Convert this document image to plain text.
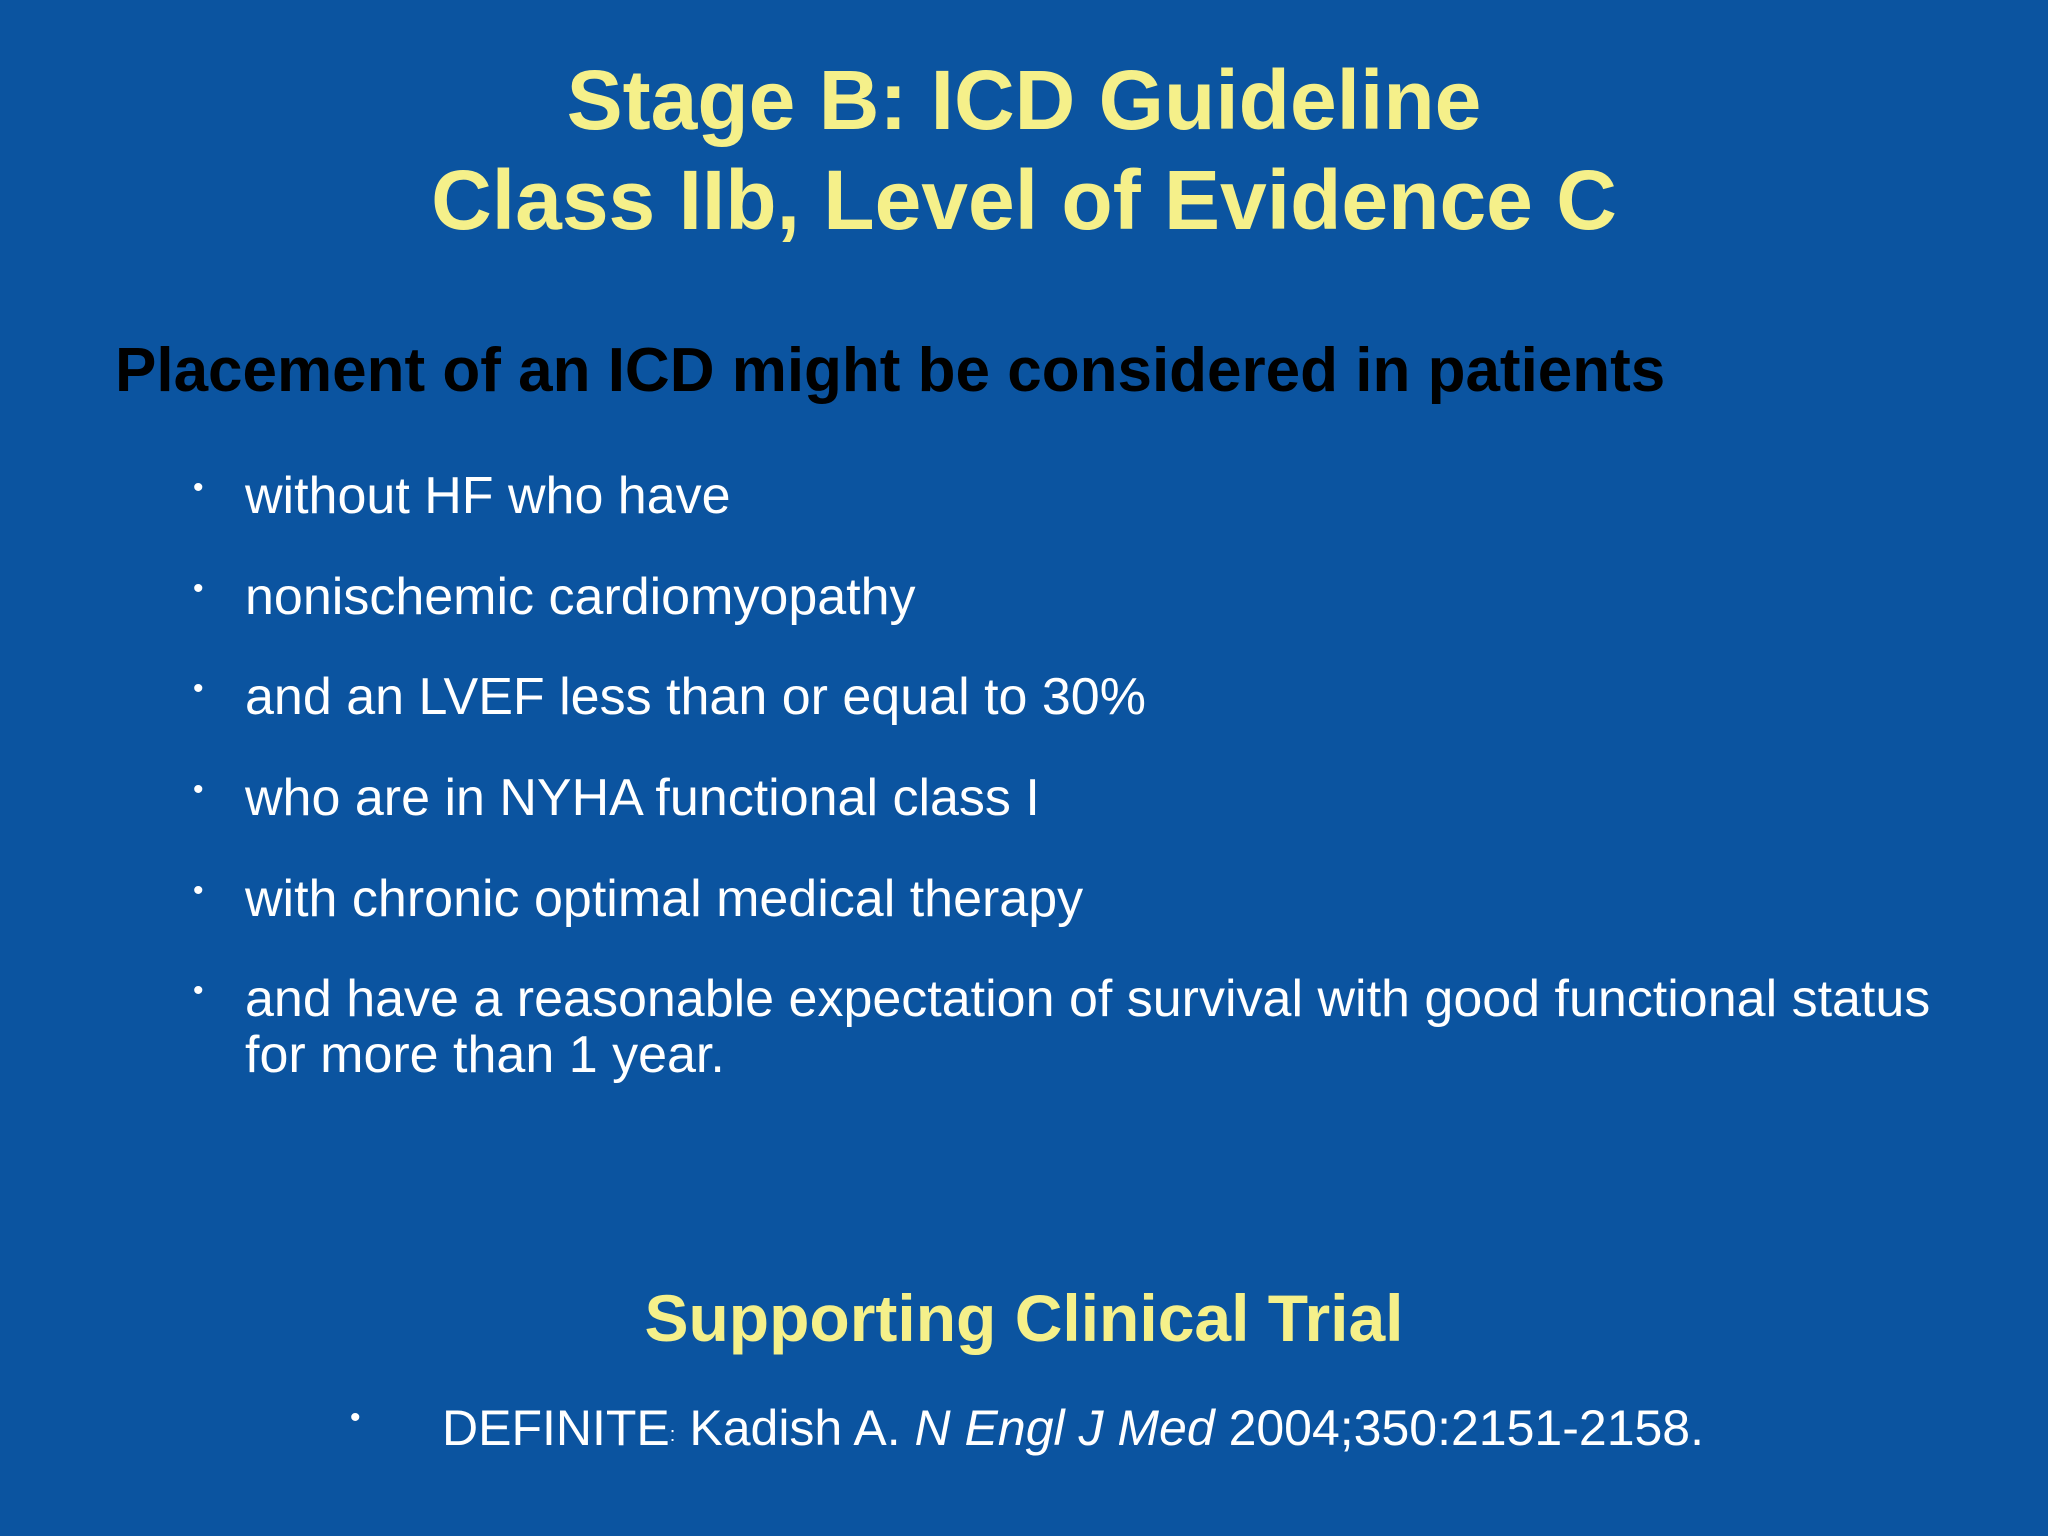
Stage B: ICD Guideline
Class IIb, Level of Evidence C
Placement of an ICD might be considered in patients
• without HF who have
• nonischemic cardiomyopathy
• and an LVEF less than or equal to 30%
• who are in NYHA functional class I
• with chronic optimal medical therapy
• and have a reasonable expectation of survival with good functional status for more than 1 year.
Supporting Clinical Trial
• DEFINITE: Kadish A. N Engl J Med 2004;350:2151-2158.
